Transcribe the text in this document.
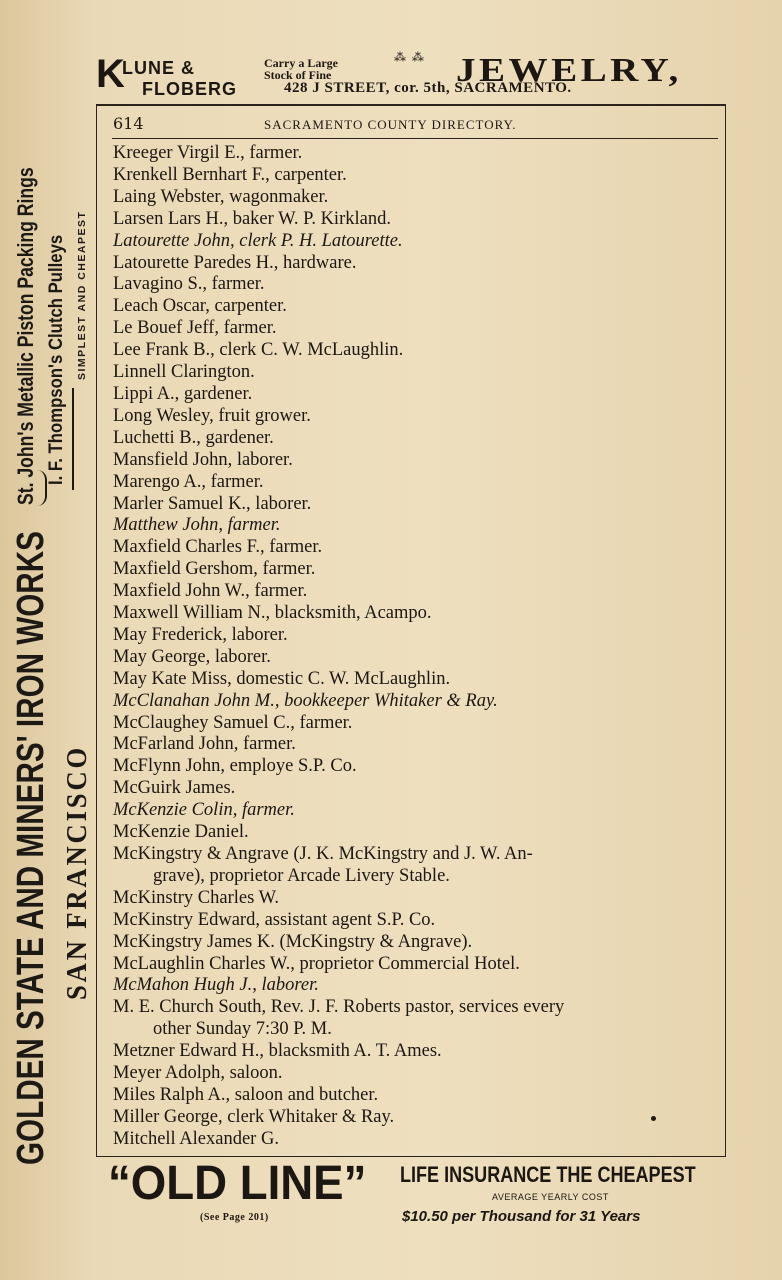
GOLDEN STATE AND MINERS' IRON WORKS
St. John's Metallic Piston Packing Rings
SAN FRANCISCO
I. F. Thompson's Clutch Pulleys SIMPLEST AND CHEAPEST
K
LUNE &
FLOBERG
Carry a Large
Stock of Fine
⁂ ⁂ JEWELRY,
428 J STREET, cor. 5th, SACRAMENTO.
614	SACRAMENTO COUNTY DIRECTORY.
Kreeger Virgil E., farmer.
Krenkell Bernhart F., carpenter.
Laing Webster, wagonmaker.
Larsen Lars H., baker W. P. Kirkland.
Latourette John, clerk P. H. Latourette.
Latourette Paredes H., hardware.
Lavagino S., farmer.
Leach Oscar, carpenter.
Le Bouef Jeff, farmer.
Lee Frank B., clerk C. W. McLaughlin.
Linnell Clarington.
Lippi A., gardener.
Long Wesley, fruit grower.
Luchetti B., gardener.
Mansfield John, laborer.
Marengo A., farmer.
Marler Samuel K., laborer.
Matthew John, farmer.
Maxfield Charles F., farmer.
Maxfield Gershom, farmer.
Maxfield John W., farmer.
Maxwell William N., blacksmith, Acampo.
May Frederick, laborer.
May George, laborer.
May Kate Miss, domestic C. W. McLaughlin.
McClanahan John M., bookkeeper Whitaker & Ray.
McClaughey Samuel C., farmer.
McFarland John, farmer.
McFlynn John, employe S.P. Co.
McGuirk James.
McKenzie Colin, farmer.
McKenzie Daniel.
McKingstry & Angrave (J. K. McKingstry and J. W. An-
grave), proprietor Arcade Livery Stable.
McKinstry Charles W.
McKinstry Edward, assistant agent S.P. Co.
McKingstry James K. (McKingstry & Angrave).
McLaughlin Charles W., proprietor Commercial Hotel.
McMahon Hugh J., laborer.
M. E. Church South, Rev. J. F. Roberts pastor, services every
other Sunday 7:30 P. M.
Metzner Edward H., blacksmith A. T. Ames.
Meyer Adolph, saloon.
Miles Ralph A., saloon and butcher.
Miller George, clerk Whitaker & Ray.
Mitchell Alexander G.
“OLD LINE”
(See Page 201)
LIFE INSURANCE THE CHEAPEST
AVERAGE YEARLY COST
$10.50 per Thousand for 31 Years
